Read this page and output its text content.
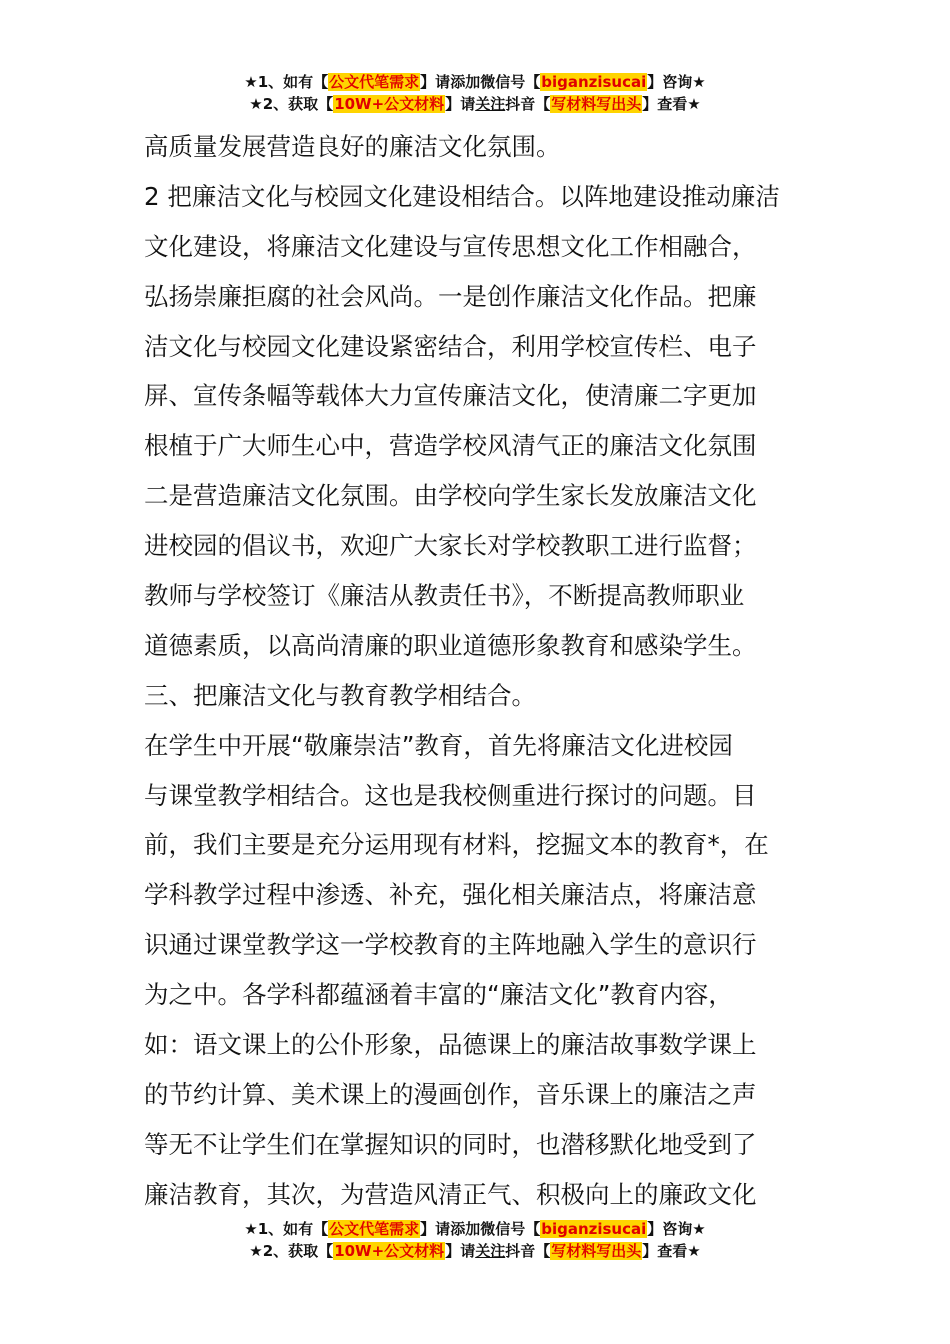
★1、如有【公文代笔需求】请添加微信号【biganzisucai】咨询★
★2、获取【10W+公文材料】请关注抖音【写材料写出头】查看★
高质量发展营造良好的廉洁文化氛围。
2 把廉洁文化与校园文化建设相结合。以阵地建设推动廉洁
文化建设，将廉洁文化建设与宣传思想文化工作相融合，
弘扬崇廉拒腐的社会风尚。一是创作廉洁文化作品。把廉
洁文化与校园文化建设紧密结合，利用学校宣传栏、电子
屏、宣传条幅等载体大力宣传廉洁文化，使清廉二字更加
根植于广大师生心中，营造学校风清气正的廉洁文化氛围
二是营造廉洁文化氛围。由学校向学生家长发放廉洁文化
进校园的倡议书，欢迎广大家长对学校教职工进行监督；
教师与学校签订《廉洁从教责任书》，不断提高教师职业
道德素质，以高尚清廉的职业道德形象教育和感染学生。
三、把廉洁文化与教育教学相结合。
在学生中开展“敬廉崇洁”教育，首先将廉洁文化进校园
与课堂教学相结合。这也是我校侧重进行探讨的问题。目
前，我们主要是充分运用现有材料，挖掘文本的教育*，在
学科教学过程中渗透、补充，强化相关廉洁点，将廉洁意
识通过课堂教学这一学校教育的主阵地融入学生的意识行
为之中。各学科都蕴涵着丰富的“廉洁文化”教育内容，
如：语文课上的公仆形象，品德课上的廉洁故事数学课上
的节约计算、美术课上的漫画创作，音乐课上的廉洁之声
等无不让学生们在掌握知识的同时，也潜移默化地受到了
廉洁教育，其次，为营造风清正气、积极向上的廉政文化
★1、如有【公文代笔需求】请添加微信号【biganzisucai】咨询★
★2、获取【10W+公文材料】请关注抖音【写材料写出头】查看★
